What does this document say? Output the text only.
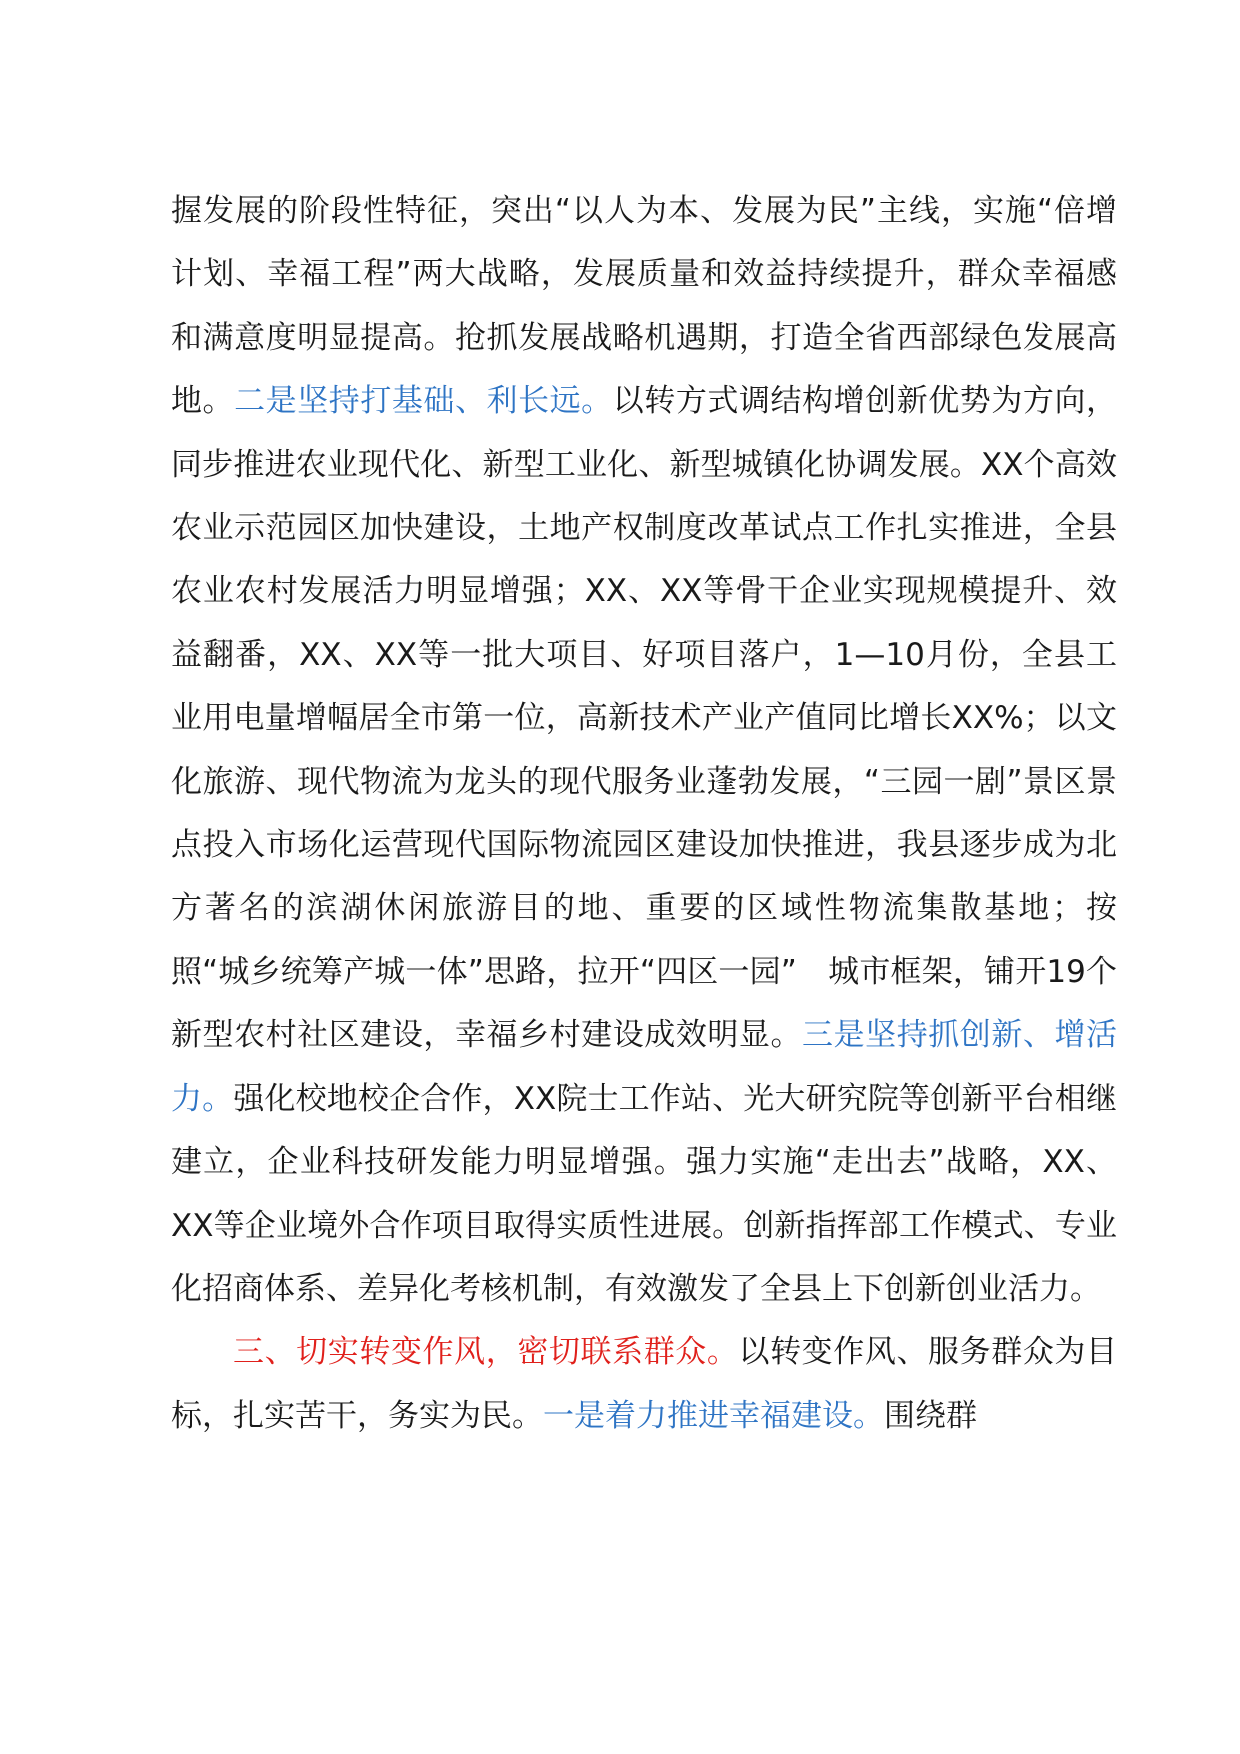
握发展的阶段性特征，突出“以人为本、发展为民”主线，实施“倍增计划、幸福工程”两大战略，发展质量和效益持续提升，群众幸福感和满意度明显提高。抢抓发展战略机遇期，打造全省西部绿色发展高地。二是坚持打基础、利长远。以转方式调结构增创新优势为方向，同步推进农业现代化、新型工业化、新型城镇化协调发展。XX个高效农业示范园区加快建设，土地产权制度改革试点工作扎实推进，全县农业农村发展活力明显增强；XX、XX等骨干企业实现规模提升、效益翻番，XX、XX等一批大项目、好项目落户，1—10月份，全县工业用电量增幅居全市第一位，高新技术产业产值同比增长XX%；以文化旅游、现代物流为龙头的现代服务业蓬勃发展，“三园一剧”景区景点投入市场化运营现代国际物流园区建设加快推进，我县逐步成为北方著名的滨湖休闲旅游目的地、重要的区域性物流集散基地；按照“城乡统筹产城一体”思路，拉开“四区一园”　城市框架，铺开19个新型农村社区建设，幸福乡村建设成效明显。三是坚持抓创新、增活力。强化校地校企合作，XX院士工作站、光大研究院等创新平台相继建立，企业科技研发能力明显增强。强力实施“走出去”战略，XX、XX等企业境外合作项目取得实质性进展。创新指挥部工作模式、专业化招商体系、差异化考核机制，有效激发了全县上下创新创业活力。

三、切实转变作风，密切联系群众。以转变作风、服务群众为目标，扎实苦干，务实为民。一是着力推进幸福建设。围绕群
